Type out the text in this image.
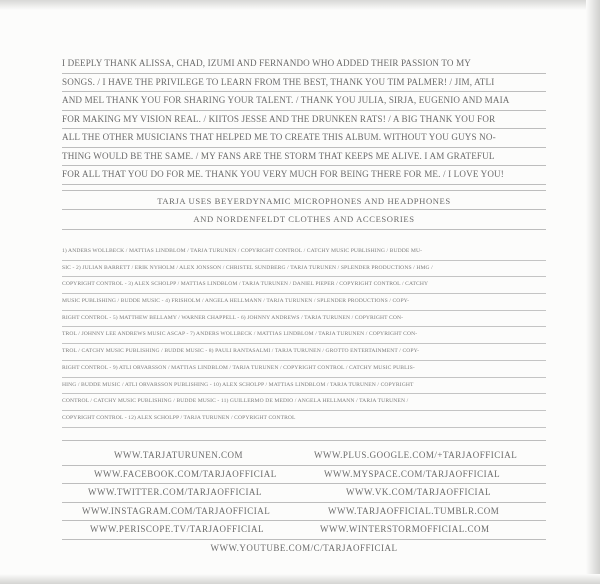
I DEEPLY THANK ALISSA, CHAD, IZUMI AND FERNANDO WHO ADDED THEIR PASSION TO MY
SONGS. / I HAVE THE PRIVILEGE TO LEARN FROM THE BEST, THANK YOU TIM PALMER! / JIM, ATLI
AND MEL THANK YOU FOR SHARING YOUR TALENT. / THANK YOU JULIA, SIRJA, EUGENIO AND MAIA
FOR MAKING MY VISION REAL. / KIITOS JESSE AND THE DRUNKEN RATS! / A BIG THANK YOU FOR
ALL THE OTHER MUSICIANS THAT HELPED ME TO CREATE THIS ALBUM. WITHOUT YOU GUYS NO-
THING WOULD BE THE SAME. / MY FANS ARE THE STORM THAT KEEPS ME ALIVE. I AM GRATEFUL
FOR ALL THAT YOU DO FOR ME. THANK YOU VERY MUCH FOR BEING THERE FOR ME. / I LOVE YOU!
TARJA USES BEYERDYNAMIC MICROPHONES AND HEADPHONES
AND NORDENFELDT CLOTHES AND ACCESORIES
1) ANDERS WOLLBECK / MATTIAS LINDBLOM / TARJA TURUNEN / COPYRIGHT CONTROL / CATCHY MUSIC PUBLISHING / BUDDE MU-
SIC - 2) JULIAN BARRETT / ERIK NYHOLM / ALEX JONSSON / CHRISTEL SUNDBERG / TARJA TURUNEN / SPLENDER PRODUCTIONS / HMG /
COPYRIGHT CONTROL - 3) ALEX SCHOLPP / MATTIAS LINDBLOM / TARJA TURUNEN / DANIEL PIEPER / COPYRIGHT CONTROL / CATCHY
MUSIC PUBLISHING / BUDDE MUSIC - 4) FRISHOLM / ANGELA HELLMANN / TARJA TURUNEN / SPLENDER PRODUCTIONS / COPY-
RIGHT CONTROL - 5) MATTHEW BELLAMY / WARNER CHAPPELL - 6) JOHNNY ANDREWS / TARJA TURUNEN / COPYRIGHT CON-
TROL / JOHNNY LEE ANDREWS MUSIC ASCAP - 7) ANDERS WOLLBECK / MATTIAS LINDBLOM / TARJA TURUNEN / COPYRIGHT CON-
TROL / CATCHY MUSIC PUBLISHING / BUDDE MUSIC - 8) PAULI RANTASALMI / TARJA TURUNEN / GROTTO ENTERTAINMENT / COPY-
RIGHT CONTROL - 9) ATLI ORVARSSON / MATTIAS LINDBLOM / TARJA TURUNEN / COPYRIGHT CONTROL / CATCHY MUSIC PUBLIS-
HING / BUDDE MUSIC / ATLI ORVARSSON PUBLISHING - 10) ALEX SCHOLPP / MATTIAS LINDBLOM / TARJA TURUNEN / COPYRIGHT
CONTROL / CATCHY MUSIC PUBLISHING / BUDDE MUSIC - 11) GUILLERMO DE MEDIO / ANGELA HELLMANN / TARJA TURUNEN /
COPYRIGHT CONTROL - 12) ALEX SCHOLPP / TARJA TURUNEN / COPYRIGHT CONTROL
WWW.TARJATURUNEN.COM	WWW.PLUS.GOOGLE.COM/+TARJAOFFICIAL
WWW.FACEBOOK.COM/TARJAOFFICIAL	WWW.MYSPACE.COM/TARJAOFFICIAL
WWW.TWITTER.COM/TARJAOFFICIAL	WWW.VK.COM/TARJAOFFICIAL
WWW.INSTAGRAM.COM/TARJAOFFICIAL	WWW.TARJAOFFICIAL.TUMBLR.COM
WWW.PERISCOPE.TV/TARJAOFFICIAL	WWW.WINTERSTORMOFFICIAL.COM
WWW.YOUTUBE.COM/C/TARJAOFFICIAL
